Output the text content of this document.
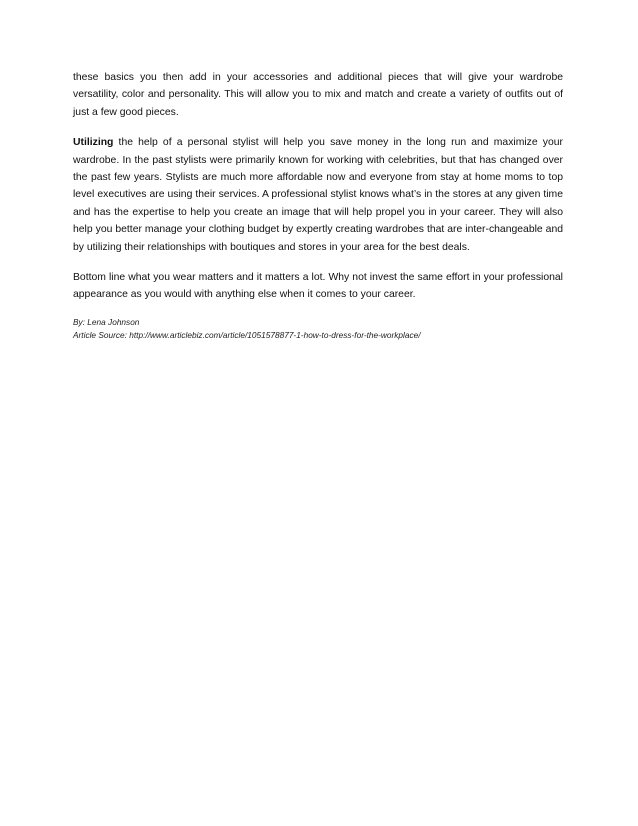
these basics you then add in your accessories and additional pieces that will give your wardrobe versatility, color and personality. This will allow you to mix and match and create a variety of outfits out of just a few good pieces.

Utilizing the help of a personal stylist will help you save money in the long run and maximize your wardrobe. In the past stylists were primarily known for working with celebrities, but that has changed over the past few years. Stylists are much more affordable now and everyone from stay at home moms to top level executives are using their services. A professional stylist knows what’s in the stores at any given time and has the expertise to help you create an image that will help propel you in your career. They will also help you better manage your clothing budget by expertly creating wardrobes that are inter-changeable and by utilizing their relationships with boutiques and stores in your area for the best deals.

Bottom line what you wear matters and it matters a lot. Why not invest the same effort in your professional appearance as you would with anything else when it comes to your career.

By: Lena Johnson

Article Source: http://www.articlebiz.com/article/1051578877-1-how-to-dress-for-the-workplace/
